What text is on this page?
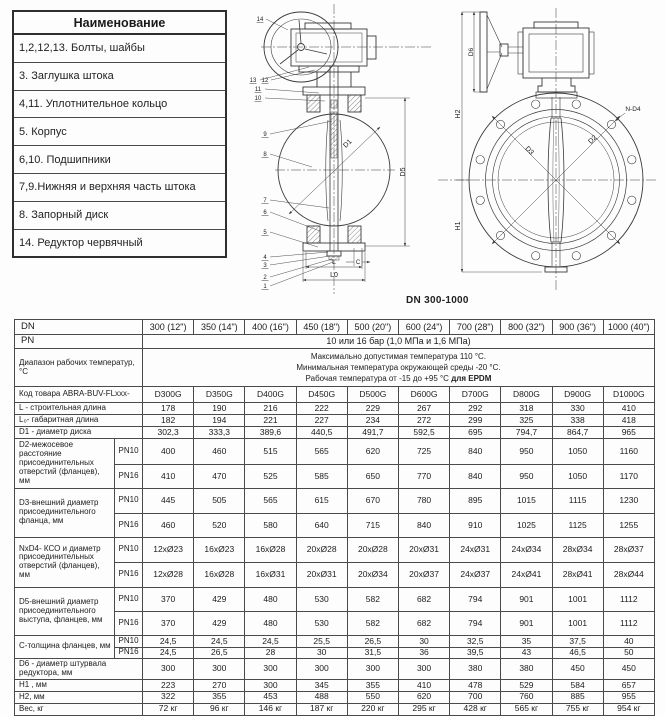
Наименование
1,2,12,13. Болты, шайбы
3. Заглушка штока
4,11. Уплотнительное кольцо
5. Корпус
6,10. Подшипники
7,9.Нижняя и верхняя часть штока
8. Запорный диск
14. Редуктор червячный
D1
D5
L
L0
C
14
13 12
11
10
9
8
7
6
5
4
3
2
1
D6
H2
H1
N-D4
D3
D2
DN 300-1000
DN		300 (12")	350 (14")	400 (16")	450 (18")	500 (20")	600 (24")	700 (28")	800 (32")	900 (36")	1000 (40")
PN		10 или 16 бар (1,0 МПа и 1,6 МПа)									
Диапазон рабочих температур, °C		Максимально допустимая температура 110 °C.
Минимальная температура окружающей среды -20 °C.
Рабочая температура от -15 до +95 °C для EPDM									

Код товара ABRA-BUV-FLxxx-		D300G	D350G	D400G	D450G	D500G	D600G	D700G	D800G	D900G	D1000G
L - строительная длина		178	190	216	222	229	267	292	318	330	410
L₀- габаритная длина		182	194	221	227	234	272	299	325	338	418
D1 - диаметр диска		302,3	333,3	389,6	440,5	491,7	592,5	695	794,7	864,7	965
D2-межосевое расстояние присоединительных отверстий (фланцев), мм	PN10	400	460	515	565	620	725	840	950	1050	1160
	PN16	410	470	525	585	650	770	840	950	1050	1170
D3-внешний диаметр присоединительного фланца, мм	PN10	445	505	565	615	670	780	895	1015	1115	1230
	PN16	460	520	580	640	715	840	910	1025	1125	1255
NxD4- КСО и диаметр присоединительных отверстий (фланцев), мм	PN10	12xØ23	16xØ23	16xØ28	20xØ28	20xØ28	20xØ31	24xØ31	24xØ34	28xØ34	28xØ37
	PN16	12xØ28	16xØ28	16xØ31	20xØ31	20xØ34	20xØ37	24xØ37	24xØ41	28xØ41	28xØ44
D5-внешний диаметр присоединительного выступа, фланцев, мм	PN10	370	429	480	530	582	682	794	901	1001	1112
	PN16	370	429	480	530	582	682	794	901	1001	1112
C-толщина фланцев, мм	PN10	24,5	24,5	24,5	25,5	26,5	30	32,5	35	37,5	40
	PN16	24,5	26,5	28	30	31,5	36	39,5	43	46,5	50
D6 - диаметр штурвала редуктора, мм		300	300	300	300	300	300	380	380	450	450
H1 , мм		223	270	300	345	355	410	478	529	584	657
H2, мм		322	355	453	488	550	620	700	760	885	955
Вес, кг		72 кг	96 кг	146 кг	187 кг	220 кг	295 кг	428 кг	565 кг	755 кг	954 кг
